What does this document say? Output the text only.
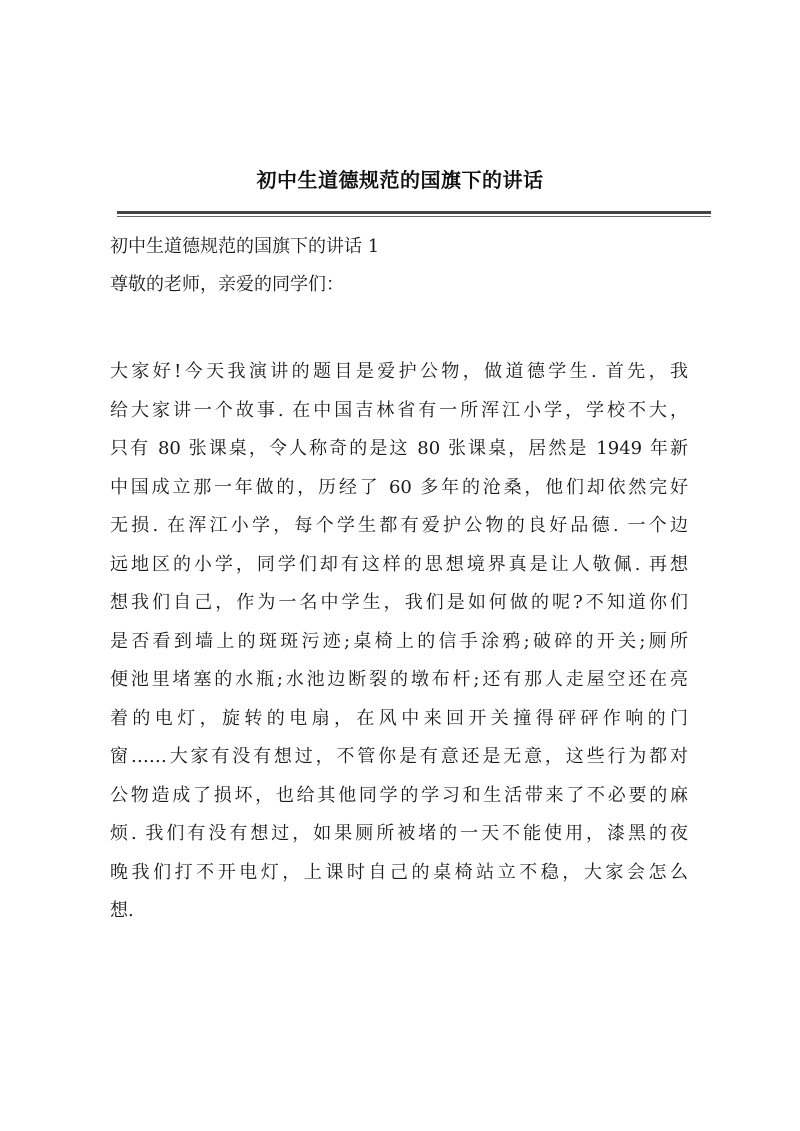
初中生道德规范的国旗下的讲话
初中生道德规范的国旗下的讲话 1
尊敬的老师，亲爱的同学们：
大家好!今天我演讲的题目是爱护公物，做道德学生. 首先，我
给大家讲一个故事. 在中国吉林省有一所浑江小学，学校不大，
只有 80 张课桌，令人称奇的是这 80 张课桌，居然是 1949 年新
中国成立那一年做的，历经了 60 多年的沧桑，他们却依然完好
无损. 在浑江小学，每个学生都有爱护公物的良好品德. 一个边
远地区的小学，同学们却有这样的思想境界真是让人敬佩. 再想
想我们自己，作为一名中学生，我们是如何做的呢?不知道你们
是否看到墙上的斑斑污迹;桌椅上的信手涂鸦;破碎的开关;厕所
便池里堵塞的水瓶;水池边断裂的墩布杆;还有那人走屋空还在亮
着的电灯，旋转的电扇，在风中来回开关撞得砰砰作响的门
窗……大家有没有想过，不管你是有意还是无意，这些行为都对
公物造成了损坏，也给其他同学的学习和生活带来了不必要的麻
烦. 我们有没有想过，如果厕所被堵的一天不能使用，漆黑的夜
晚我们打不开电灯，上课时自己的桌椅站立不稳，大家会怎么
想.
